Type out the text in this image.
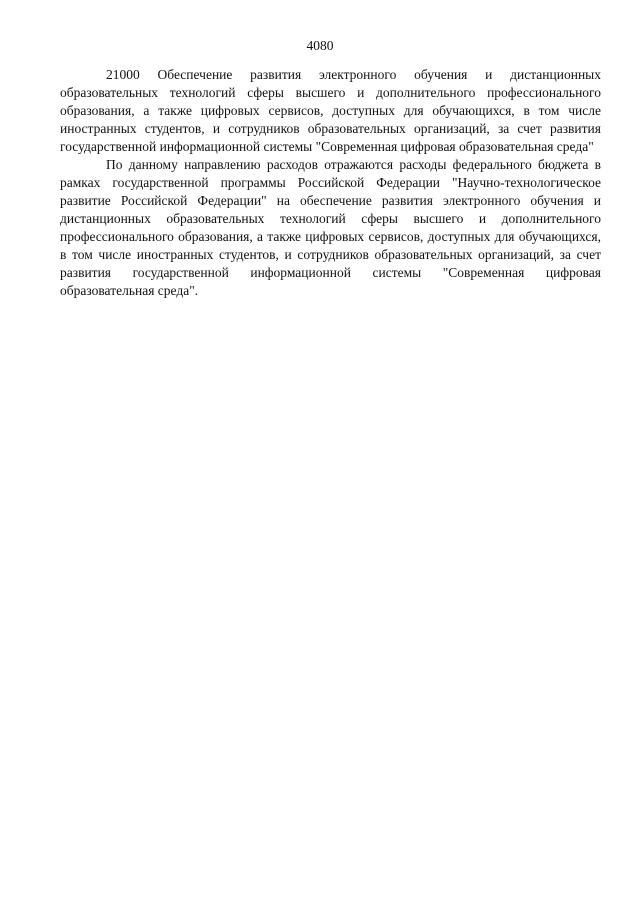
4080

21000 Обеспечение развития электронного обучения и дистанционных образовательных технологий сферы высшего и дополнительного профессионального образования, а также цифровых сервисов, доступных для обучающихся, в том числе иностранных студентов, и сотрудников образовательных организаций, за счет развития государственной информационной системы "Современная цифровая образовательная среда"

По данному направлению расходов отражаются расходы федерального бюджета в рамках государственной программы Российской Федерации "Научно-технологическое развитие Российской Федерации" на обеспечение развития электронного обучения и дистанционных образовательных технологий сферы высшего и дополнительного профессионального образования, а также цифровых сервисов, доступных для обучающихся, в том числе иностранных студентов, и сотрудников образовательных организаций, за счет развития государственной информационной системы "Современная цифровая образовательная среда".
